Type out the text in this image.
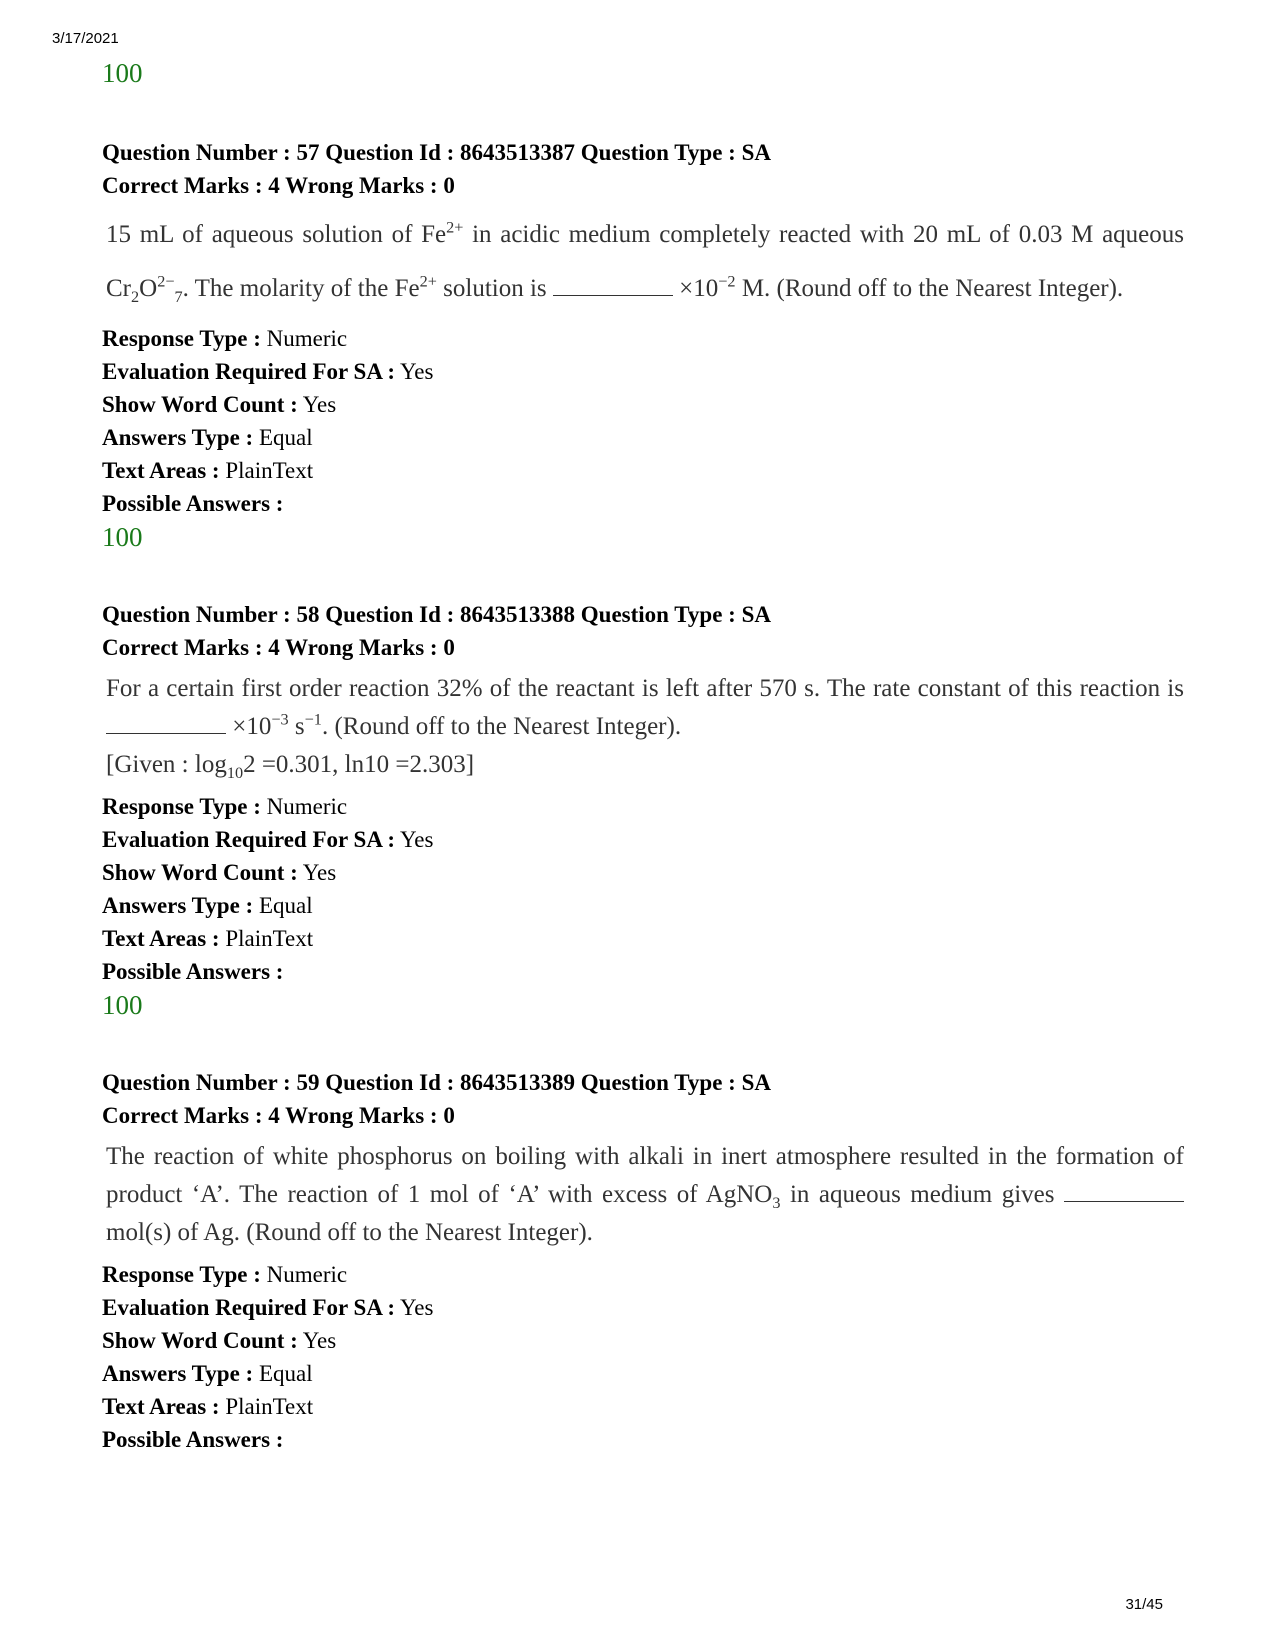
3/17/2021
100
Question Number : 57 Question Id : 8643513387 Question Type : SA
Correct Marks : 4 Wrong Marks : 0

15 mL of aqueous solution of $Fe^{2+}$ in acidic medium completely reacted with 20 mL of 0.03 M aqueous $Cr_2O^{2-}_7$. The molarity of the $Fe^{2+}$ solution is	$\times 10^{-2}$ M. (Round off to the Nearest Integer).

Response Type : Numeric
Evaluation Required For SA : Yes
Show Word Count : Yes
Answers Type : Equal
Text Areas : PlainText
Possible Answers :
100
Question Number : 58 Question Id : 8643513388 Question Type : SA
Correct Marks : 4 Wrong Marks : 0

For a certain first order reaction 32% of the reactant is left after 570 s. The rate constant of this reaction is  $\times 10^{-3}$ $s^{-1}$. (Round off to the Nearest Integer).

[Given : $\log_{10}2 =0.301$, ln10 =2.303]

Response Type : Numeric
Evaluation Required For SA : Yes
Show Word Count : Yes
Answers Type : Equal
Text Areas : PlainText
Possible Answers :
100
Question Number : 59 Question Id : 8643513389 Question Type : SA
Correct Marks : 4 Wrong Marks : 0

The reaction of white phosphorus on boiling with alkali in inert atmosphere resulted in the formation of product ‘A’. The reaction of 1 mol of ‘A’ with excess of AgNO$_3$ in aqueous medium gives  mol(s) of Ag. (Round off to the Nearest Integer).

Response Type : Numeric
Evaluation Required For SA : Yes
Show Word Count : Yes
Answers Type : Equal
Text Areas : PlainText
Possible Answers :
31/45
